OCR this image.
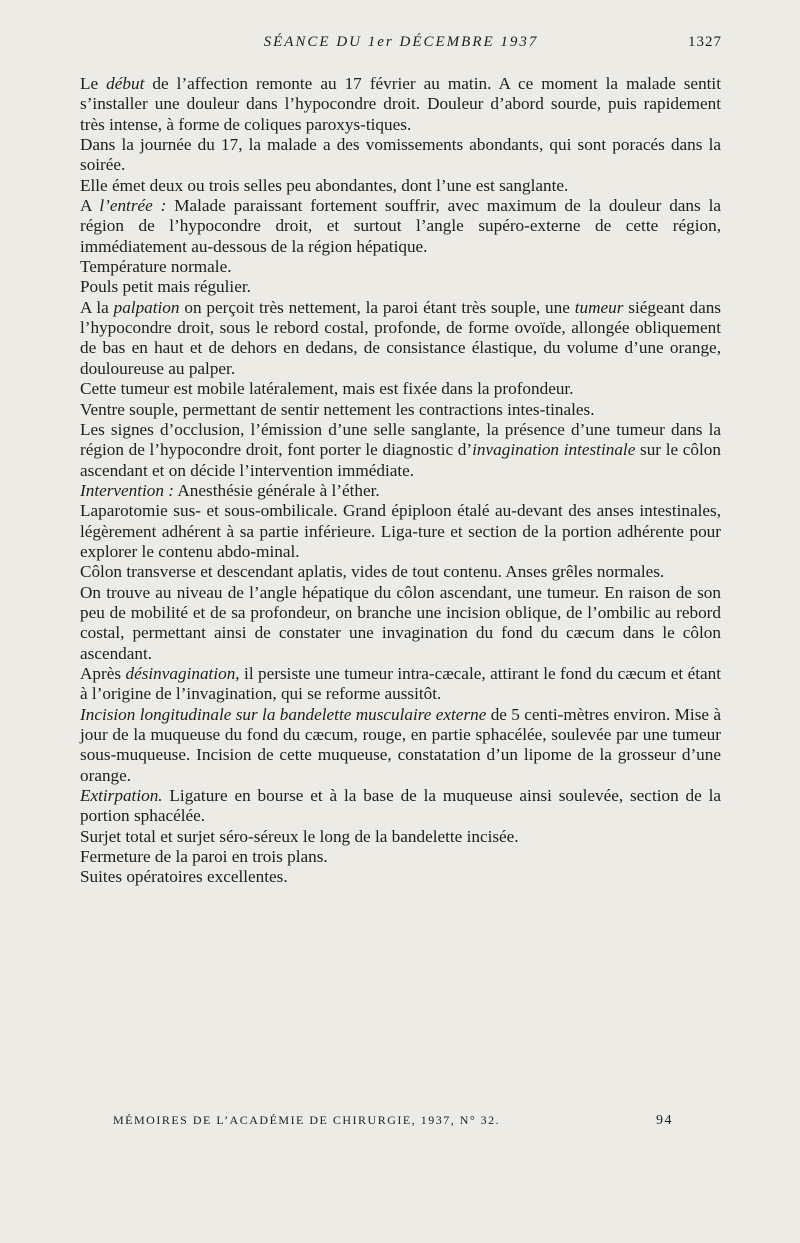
SÉANCE DU 1er DÉCEMBRE 1937	1327

Le début de l’affection remonte au 17 février au matin. A ce moment la malade sentit s’installer une douleur dans l’hypocondre droit. Douleur d’abord sourde, puis rapidement très intense, à forme de coliques paroxys-tiques.

Dans la journée du 17, la malade a des vomissements abondants, qui sont poracés dans la soirée.

Elle émet deux ou trois selles peu abondantes, dont l’une est sanglante.

A l’entrée : Malade paraissant fortement souffrir, avec maximum de la douleur dans la région de l’hypocondre droit, et surtout l’angle supéro-externe de cette région, immédiatement au-dessous de la région hépatique.

Température normale.

Pouls petit mais régulier.

A la palpation on perçoit très nettement, la paroi étant très souple, une tumeur siégeant dans l’hypocondre droit, sous le rebord costal, profonde, de forme ovoïde, allongée obliquement de bas en haut et de dehors en dedans, de consistance élastique, du volume d’une orange, douloureuse au palper.

Cette tumeur est mobile latéralement, mais est fixée dans la profondeur.

Ventre souple, permettant de sentir nettement les contractions intes-tinales.

Les signes d’occlusion, l’émission d’une selle sanglante, la présence d’une tumeur dans la région de l’hypocondre droit, font porter le diagnostic d’invagination intestinale sur le côlon ascendant et on décide l’intervention immédiate.

Intervention : Anesthésie générale à l’éther.

Laparotomie sus- et sous-ombilicale. Grand épiploon étalé au-devant des anses intestinales, légèrement adhérent à sa partie inférieure. Liga-ture et section de la portion adhérente pour explorer le contenu abdo-minal.

Côlon transverse et descendant aplatis, vides de tout contenu. Anses grêles normales.

On trouve au niveau de l’angle hépatique du côlon ascendant, une tumeur. En raison de son peu de mobilité et de sa profondeur, on branche une incision oblique, de l’ombilic au rebord costal, permettant ainsi de constater une invagination du fond du cæcum dans le côlon ascendant.

Après désinvagination, il persiste une tumeur intra-cæcale, attirant le fond du cæcum et étant à l’origine de l’invagination, qui se reforme aussitôt.

Incision longitudinale sur la bandelette musculaire externe de 5 centi-mètres environ. Mise à jour de la muqueuse du fond du cæcum, rouge, en partie sphacélée, soulevée par une tumeur sous-muqueuse. Incision de cette muqueuse, constatation d’un lipome de la grosseur d’une orange.

Extirpation. Ligature en bourse et à la base de la muqueuse ainsi soulevée, section de la portion sphacélée.

Surjet total et surjet séro-séreux le long de la bandelette incisée.

Fermeture de la paroi en trois plans.

Suites opératoires excellentes.

MÉMOIRES DE L’ACADÉMIE DE CHIRURGIE, 1937, N° 32.	94
